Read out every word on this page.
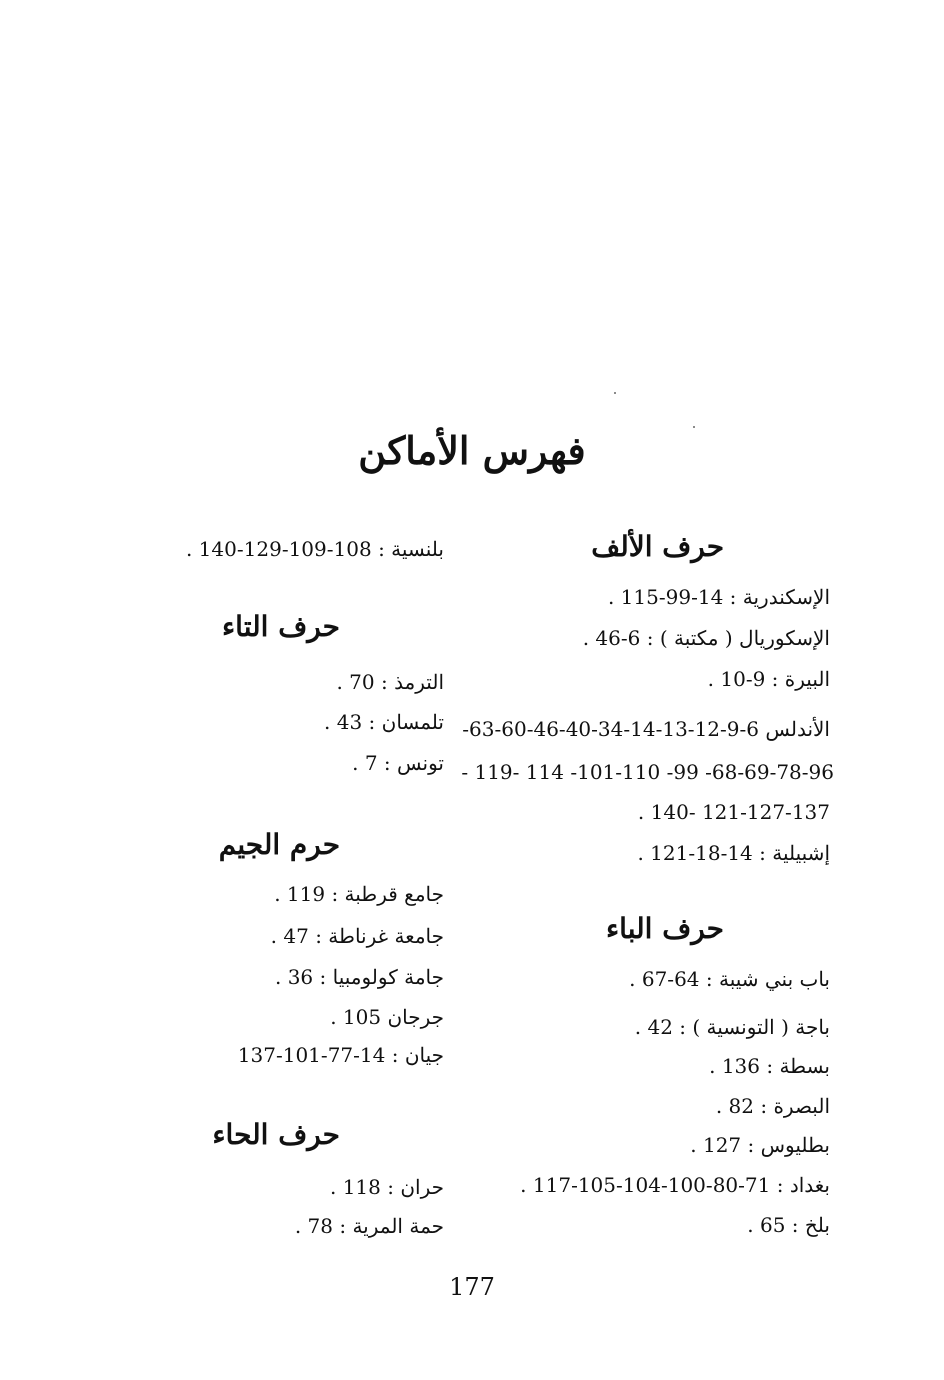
فهرس الأماكن
حرف الألف
الإسكندرية : 14-99-115 .
الإسكوريال ( مكتبة ) : 6-46 .
البيرة : 9-10 .
الأندلس 6-9-12-13-14-34-40-46-60-63-
68-69-78-96- 99- 101-110- 114 -119 -
121-127-137 -140 .
إشبيلية : 14-18-121 .
حرف الباء
باب بني شيبة : 64-67 .
باجة ( التونسية ) : 42 .
بسطة : 136 .
البصرة : 82 .
بطليوس : 127 .
بغداد : 71-80-100-104-105-117 .
بلخ : 65 .
بلنسية : 108-109-129-140 .
حرف التاء
الترمذ : 70 .
تلمسان : 43 .
تونس : 7 .
حرم الجيم
جامع قرطبة : 119 .
جامعة غرناطة : 47 .
جامة كولومبيا : 36 .
جرجان 105 .
جيان : 14-77-101-137
حرف الحاء
حران : 118 .
حمة المرية : 78 .
177
